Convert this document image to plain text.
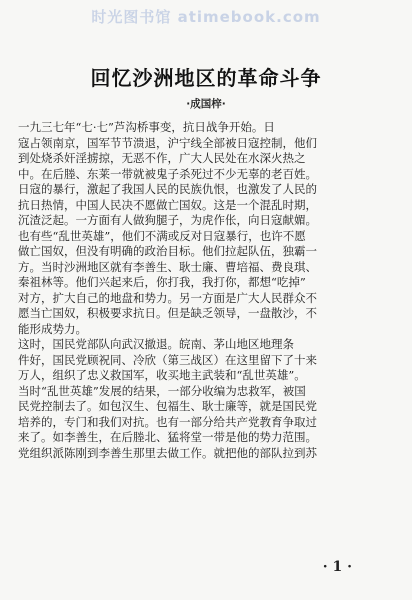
时光图书馆 atimebook.com
回忆沙洲地区的革命斗争
·成国梓·
一九三七年“七·七”芦沟桥事变，抗日战争开始。日
寇占领南京，国军节节溃退，沪宁线全部被日寇控制，他们
到处烧杀奸淫掳掠，无恶不作，广大人民处在水深火热之
中。在后塍、东莱一带就被鬼子杀死过不少无辜的老百姓。
日寇的暴行，激起了我国人民的民族仇恨，也激发了人民的
抗日热情，中国人民决不愿做亡国奴。这是一个混乱时期，
沉渣泛起。一方面有人做狗腿子，为虎作伥，向日寇献媚。
也有些“乱世英雄”，他们不满或反对日寇暴行，也许不愿
做亡国奴，但没有明确的政治目标。他们拉起队伍，独霸一
方。当时沙洲地区就有李善生、耿士廉、曹培福、费良琪、
秦祖林等。他们兴起来后，你打我，我打你，都想“吃掉”
对方，扩大自己的地盘和势力。另一方面是广大人民群众不
愿当亡国奴，积极要求抗日。但是缺乏领导，一盘散沙，不
能形成势力。
这时，国民党部队向武汉撤退。皖南、茅山地区地理条
件好，国民党顾祝同、冷欣（第三战区）在这里留下了十来
万人，组织了忠义救国军，收买地主武装和“乱世英雄”。
当时“乱世英雄”发展的结果，一部分收编为忠救军，被国
民党控制去了。如包汉生、包福生、耿士廉等，就是国民党
培养的，专门和我们对抗。也有一部分给共产党教育争取过
来了。如李善生，在后塍北、猛将堂一带是他的势力范围。
党组织派陈刚到李善生那里去做工作。就把他的部队拉到苏
· 1 ·
